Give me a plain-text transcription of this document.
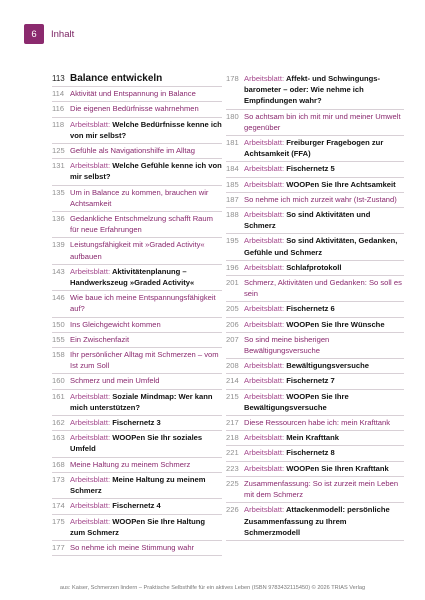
6	Inhalt
113 Balance entwickeln
114 Aktivität und Entspannung in Balance
116 Die eigenen Bedürfnisse wahrnehmen
118 Arbeitsblatt: Welche Bedürfnisse kenne ich von mir selbst?
125 Gefühle als Navigationshilfe im Alltag
131 Arbeitsblatt: Welche Gefühle kenne ich von mir selbst?
135 Um in Balance zu kommen, brauchen wir Achtsamkeit
136 Gedankliche Entschmelzung schafft Raum für neue Erfahrungen
139 Leistungsfähigkeit mit »Graded Activity« aufbauen
143 Arbeitsblatt: Aktivitätenplanung – Handwerkszeug »Graded Activity«
146 Wie baue ich meine Entspannungsfähigkeit auf?
150 Ins Gleichgewicht kommen
155 Ein Zwischenfazit
158 Ihr persönlicher Alltag mit Schmerzen – vom Ist zum Soll
160 Schmerz und mein Umfeld
161 Arbeitsblatt: Soziale Mindmap: Wer kann mich unterstützen?
162 Arbeitsblatt: Fischernetz 3
163 Arbeitsblatt: WOOPen Sie Ihr soziales Umfeld
168 Meine Haltung zu meinem Schmerz
173 Arbeitsblatt: Meine Haltung zu meinem Schmerz
174 Arbeitsblatt: Fischernetz 4
175 Arbeitsblatt: WOOPen Sie Ihre Haltung zum Schmerz
177 So nehme ich meine Stimmung wahr
178 Arbeitsblatt: Affekt- und Schwingungs-barometer – oder: Wie nehme ich Empfindungen wahr?
180 So achtsam bin ich mit mir und meiner Umwelt gegenüber
181 Arbeitsblatt: Freiburger Fragebogen zur Achtsamkeit (FFA)
184 Arbeitsblatt: Fischernetz 5
185 Arbeitsblatt: WOOPen Sie Ihre Achtsamkeit
187 So nehme ich mich zurzeit wahr (Ist-Zustand)
188 Arbeitsblatt: So sind Aktivitäten und Schmerz
195 Arbeitsblatt: So sind Aktivitäten, Gedanken, Gefühle und Schmerz
196 Arbeitsblatt: Schlafprotokoll
201 Schmerz, Aktivitäten und Gedanken: So soll es sein
205 Arbeitsblatt: Fischernetz 6
206 Arbeitsblatt: WOOPen Sie Ihre Wünsche
207 So sind meine bisherigen Bewältigungsversuche
208 Arbeitsblatt: Bewältigungsversuche
214 Arbeitsblatt: Fischernetz 7
215 Arbeitsblatt: WOOPen Sie Ihre Bewältigungsversuche
217 Diese Ressourcen habe ich: mein Krafttank
218 Arbeitsblatt: Mein Krafttank
221 Arbeitsblatt: Fischernetz 8
223 Arbeitsblatt: WOOPen Sie Ihren Krafttank
225 Zusammenfassung: So ist zurzeit mein Leben mit dem Schmerz
226 Arbeitsblatt: Attackenmodell: persönliche Zusammenfassung zu Ihrem Schmerzmodell
aus: Kaiser, Schmerzen lindern – Praktische Selbsthilfe für ein aktives Leben (ISBN 9783432115450) © 2026 TRIAS Verlag
